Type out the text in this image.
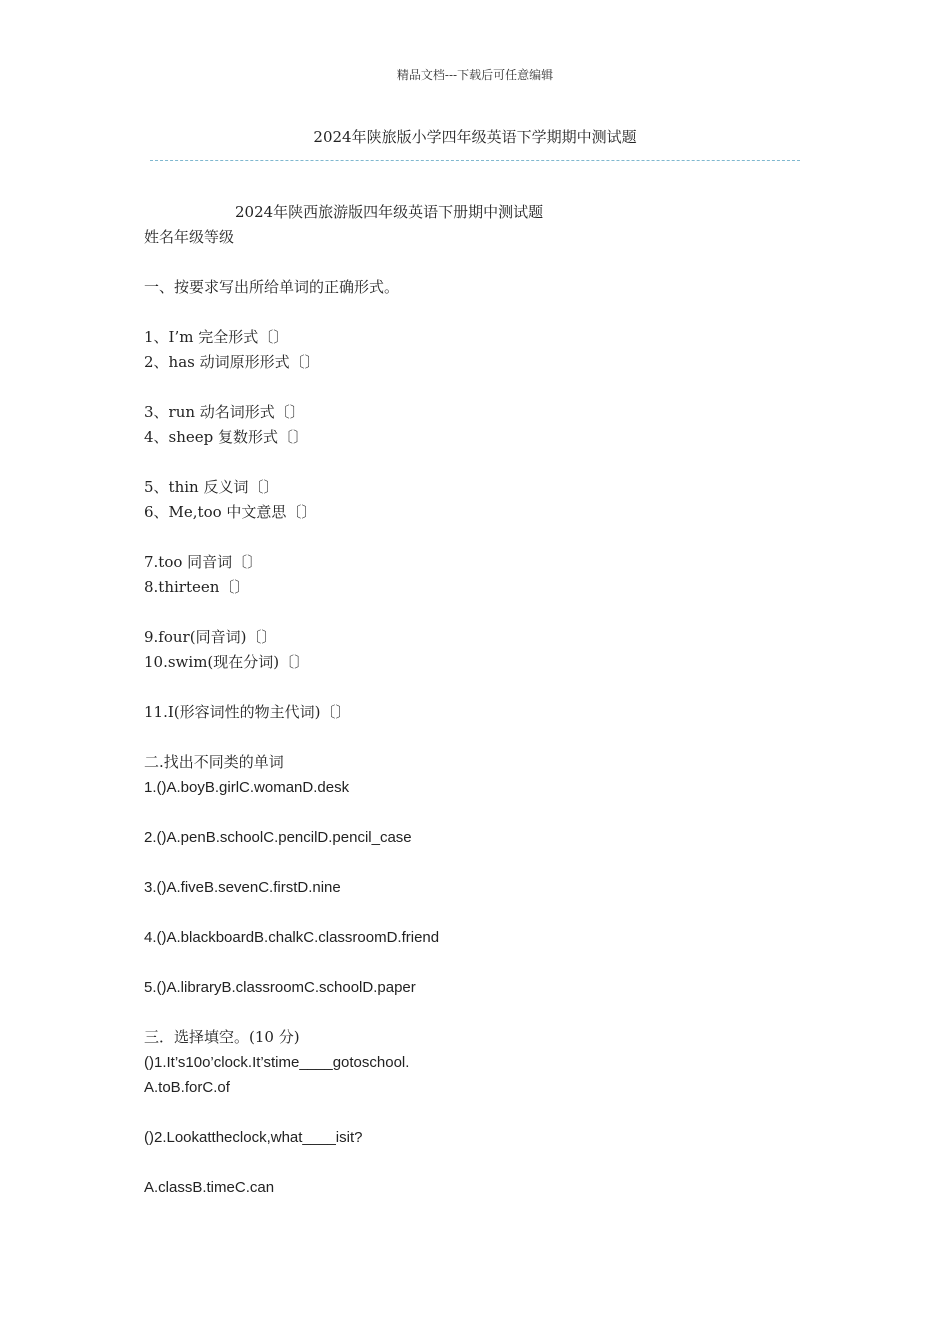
精品文档---下载后可任意编辑
2024年陕旅版小学四年级英语下学期期中测试题
2024年陕西旅游版四年级英语下册期中测试题
姓名年级等级
一、按要求写出所给单词的正确形式。
1、I’m 完全形式〔〕
2、has 动词原形形式〔〕
3、run 动名词形式〔〕
4、sheep 复数形式〔〕
5、thin 反义词〔〕
6、Me,too 中文意思〔〕
7.too 同音词〔〕
8.thirteen〔〕
9.four(同音词)〔〕
10.swim(现在分词)〔〕
11.I(形容词性的物主代词)〔〕
二.找出不同类的单词
1.()A.boyB.girlC.womanD.desk
2.()A.penB.schoolC.pencilD.pencil_case
3.()A.fiveB.sevenC.firstD.nine
4.()A.blackboardB.chalkC.classroomD.friend
5.()A.libraryB.classroomC.schoolD.paper
三．选择填空。(10 分)
()1.It’s10o’clock.It’stime____gotoschool.
A.toB.forC.of
()2.Lookattheclock,what____isit?
A.classB.timeC.can
